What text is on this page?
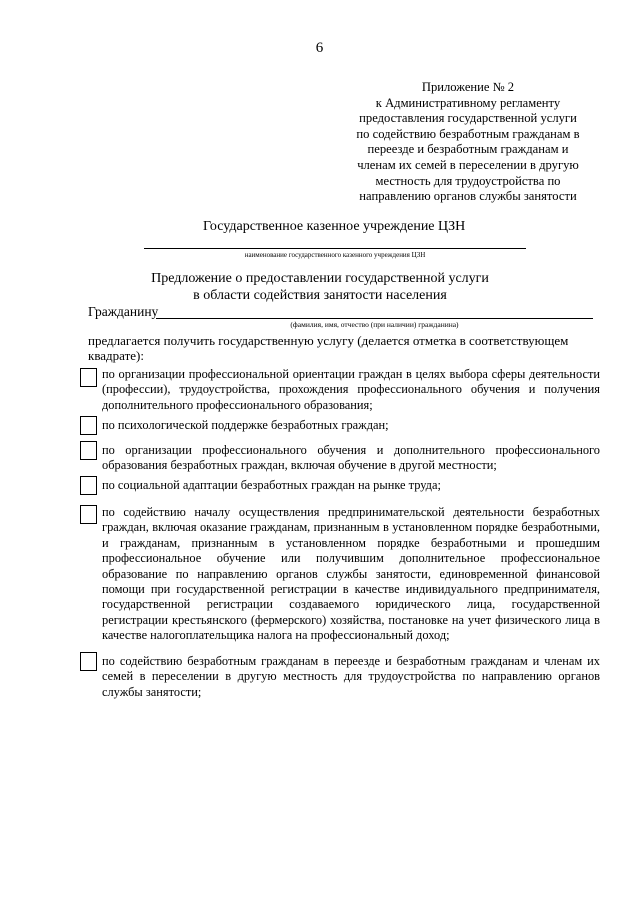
6
Приложение № 2
к Административному регламенту
предоставления государственной услуги
по содействию безработным гражданам в
переезде и безработным гражданам и
членам их семей в переселении в другую
местность для трудоустройства по
направлению органов службы занятости
Государственное казенное учреждение ЦЗН
наименование государственного казенного учреждения ЦЗН
Предложение о предоставлении государственной услуги
в области содействия занятости населения
Гражданину
(фамилия, имя, отчество (при наличии) гражданина)
предлагается получить государственную услугу (делается отметка в соответствующем квадрате):
по организации профессиональной ориентации граждан в целях выбора сферы деятельности (профессии), трудоустройства, прохождения профессионального обучения и получения дополнительного профессионального образования;
по психологической поддержке безработных граждан;
по организации профессионального обучения и дополнительного профессионального образования безработных граждан, включая обучение в другой местности;
по социальной адаптации безработных граждан на рынке труда;
по содействию началу осуществления предпринимательской деятельности безработных граждан, включая оказание гражданам, признанным в установленном порядке безработными, и гражданам, признанным в установленном порядке безработными и прошедшим профессиональное обучение или получившим дополнительное профессиональное образование по направлению органов службы занятости, единовременной финансовой помощи при государственной регистрации в качестве индивидуального предпринимателя, государственной регистрации создаваемого юридического лица, государственной регистрации крестьянского (фермерского) хозяйства, постановке на учет физического лица в качестве налогоплательщика налога на профессиональный доход;
по содействию безработным гражданам в переезде и безработным гражданам и членам их семей в переселении в другую местность для трудоустройства по направлению органов службы занятости;
